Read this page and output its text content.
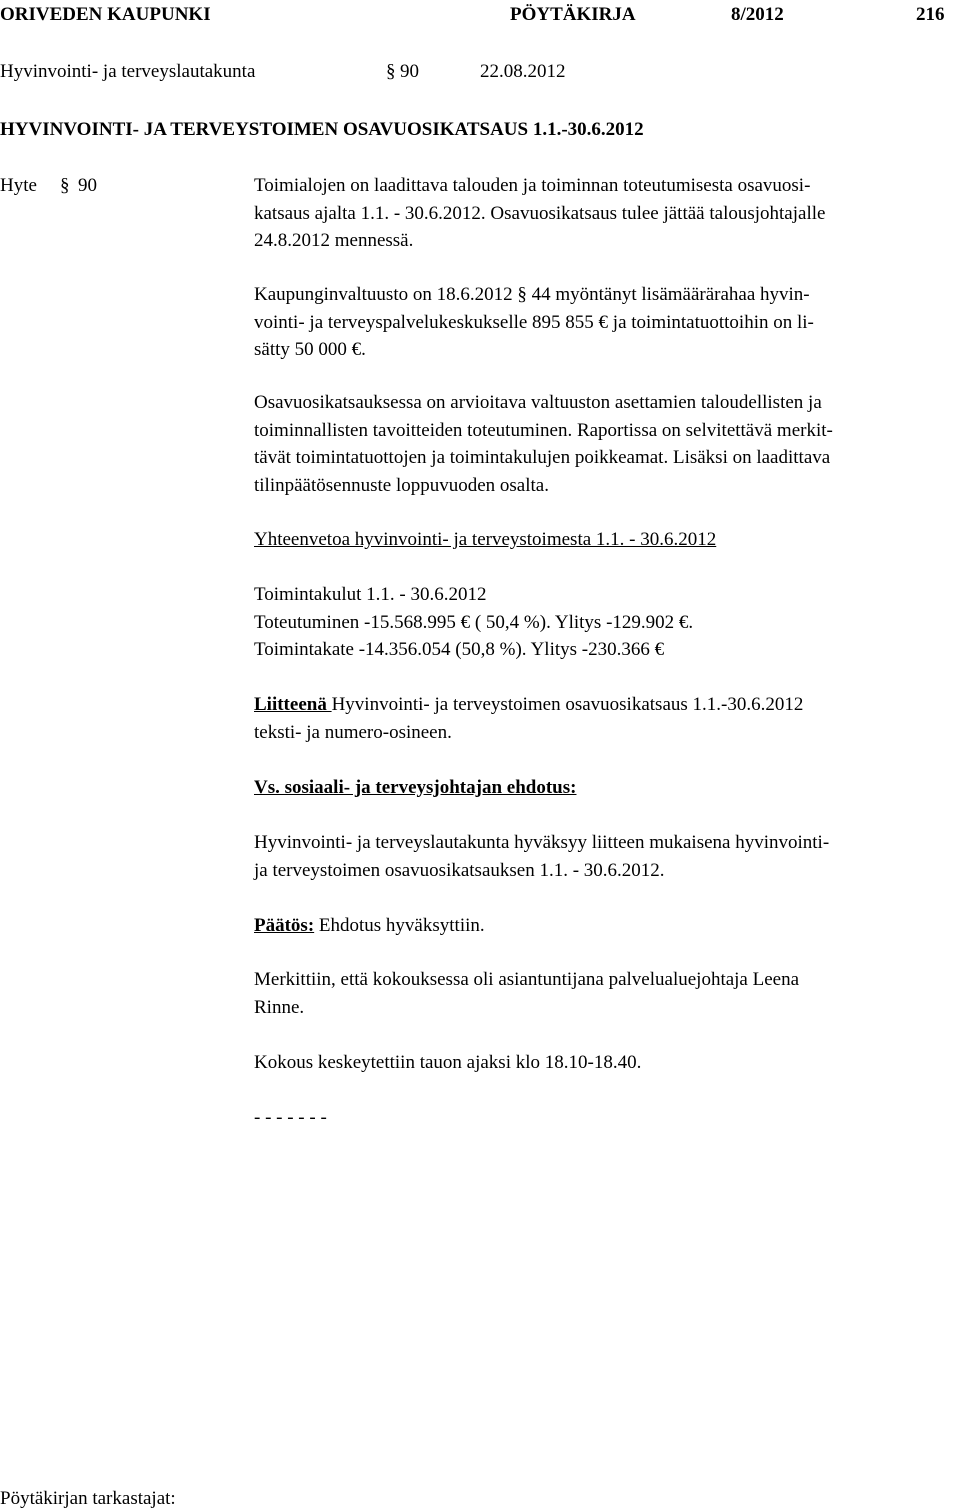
ORIVEDEN KAUPUNKI	PÖYTÄKIRJA	8/2012	216
Hyvinvointi- ja terveyslautakunta	§ 90	22.08.2012
HYVINVOINTI- JA TERVEYSTOIMEN OSAVUOSIKATSAUS 1.1.-30.6.2012
Hyte § 90	Toimialojen on laadittava talouden ja toiminnan toteutumisesta osavuosi-
katsaus ajalta 1.1. - 30.6.2012. Osavuosikatsaus tulee jättää talousjohtajalle
24.8.2012 mennessä.
Kaupunginvaltuusto on 18.6.2012 § 44 myöntänyt lisämäärärahaa hyvin-
vointi- ja terveyspalvelukeskukselle 895 855 € ja toimintatuottoihin on li-
sätty 50 000 €.
Osavuosikatsauksessa on arvioitava valtuuston asettamien taloudellisten ja
toiminnallisten tavoitteiden toteutuminen. Raportissa on selvitettävä merkit-
tävät toimintatuottojen ja toimintakulujen poikkeamat. Lisäksi on laadittava
tilinpäätösennuste loppuvuoden osalta.
Yhteenvetoa hyvinvointi- ja terveystoimesta 1.1. - 30.6.2012
Toimintakulut 1.1. - 30.6.2012
Toteutuminen -15.568.995 € ( 50,4 %). Ylitys -129.902 €.
Toimintakate -14.356.054 (50,8 %). Ylitys -230.366 €
Liitteenä Hyvinvointi- ja terveystoimen osavuosikatsaus 1.1.-30.6.2012
teksti- ja numero-osineen.
Vs. sosiaali- ja terveysjohtajan ehdotus:
Hyvinvointi- ja terveyslautakunta hyväksyy liitteen mukaisena hyvinvointi-
ja terveystoimen osavuosikatsauksen 1.1. - 30.6.2012.
Päätös: Ehdotus hyväksyttiin.
Merkittiin, että kokouksessa oli asiantuntijana palvelualuejohtaja Leena
Rinne.
Kokous keskeytettiin tauon ajaksi klo 18.10-18.40.
- - - - - - -
Pöytäkirjan tarkastajat:
